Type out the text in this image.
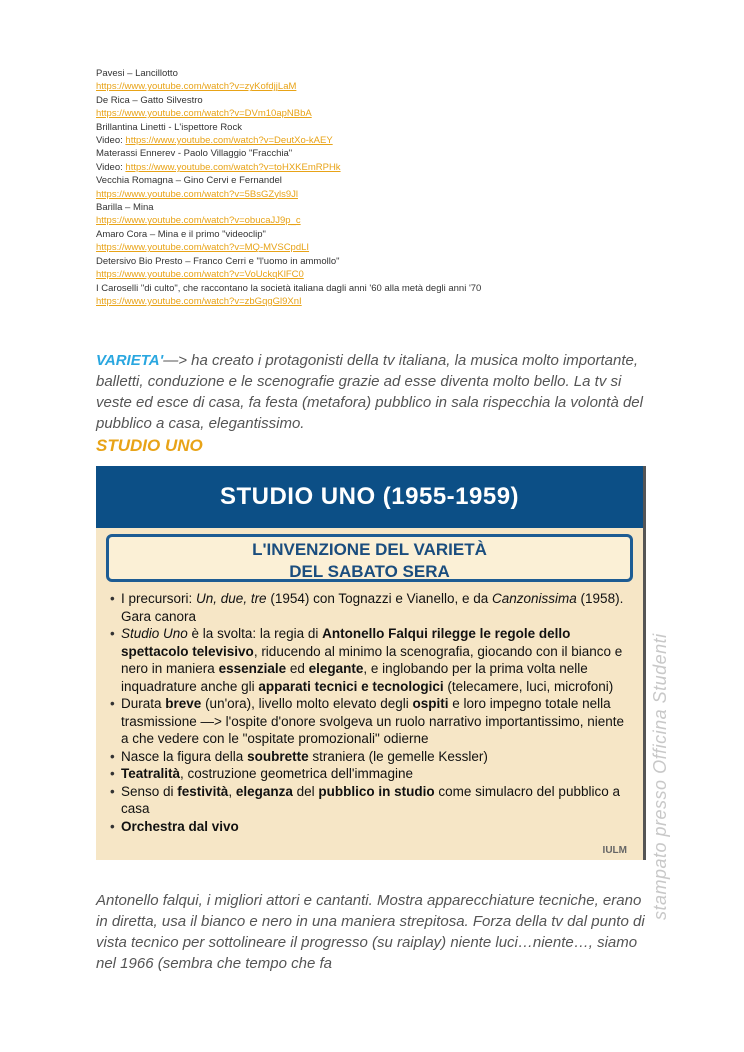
Pavesi – Lancillotto
https://www.youtube.com/watch?v=zyKofdjjLaM
De Rica – Gatto Silvestro
https://www.youtube.com/watch?v=DVm10apNBbA
Brillantina Linetti - L'ispettore Rock
Video: https://www.youtube.com/watch?v=DeutXo-kAEY
Materassi Ennerev - Paolo Villaggio "Fracchia"
Video: https://www.youtube.com/watch?v=toHXKEmRPHk
Vecchia Romagna – Gino Cervi e Fernandel
https://www.youtube.com/watch?v=5BsGZyls9Jl
Barilla – Mina
https://www.youtube.com/watch?v=obucaJJ9p_c
Amaro Cora – Mina e il primo "videoclip"
https://www.youtube.com/watch?v=MQ-MVSCpdLI
Detersivo Bio Presto – Franco Cerri e "l'uomo in ammollo"
https://www.youtube.com/watch?v=VoUckqKlFC0
I Caroselli "di culto", che raccontano la società italiana dagli anni '60 alla metà degli anni '70
https://www.youtube.com/watch?v=zbGqgGl9XnI
VARIETA'—> ha creato i protagonisti della tv italiana, la musica molto importante, balletti, conduzione e le scenografie grazie ad esse diventa molto bello. La tv si veste ed esce di casa, fa festa (metafora) pubblico in sala rispecchia la volontà del pubblico a casa, elegantissimo.
STUDIO UNO
STUDIO UNO (1955-1959)
L'INVENZIONE DEL VARIETÀ
DEL SABATO SERA
• I precursori: Un, due, tre (1954) con Tognazzi e Vianello, e da Canzonissima (1958). Gara canora
• Studio Uno è la svolta: la regia di Antonello Falqui rilegge le regole dello spettacolo televisivo, riducendo al minimo la scenografia, giocando con il bianco e nero in maniera essenziale ed elegante, e inglobando per la prima volta nelle inquadrature anche gli apparati tecnici e tecnologici (telecamere, luci, microfoni)
• Durata breve (un'ora), livello molto elevato degli ospiti e loro impegno totale nella trasmissione —> l'ospite d'onore svolgeva un ruolo narrativo importantissimo, niente a che vedere con le "ospitate promozionali" odierne
• Nasce la figura della soubrette straniera (le gemelle Kessler)
• Teatralità, costruzione geometrica dell'immagine
• Senso di festività, eleganza del pubblico in studio come simulacro del pubblico a casa
• Orchestra dal vivo
IULM stampato presso Officina Studenti
Antonello falqui, i migliori attori e cantanti. Mostra apparecchiature tecniche, erano in diretta, usa il bianco e nero in una maniera strepitosa. Forza della tv dal punto di vista tecnico per sottolineare il progresso (su raiplay) niente luci…niente…, siamo nel 1966 (sembra che tempo che fa
